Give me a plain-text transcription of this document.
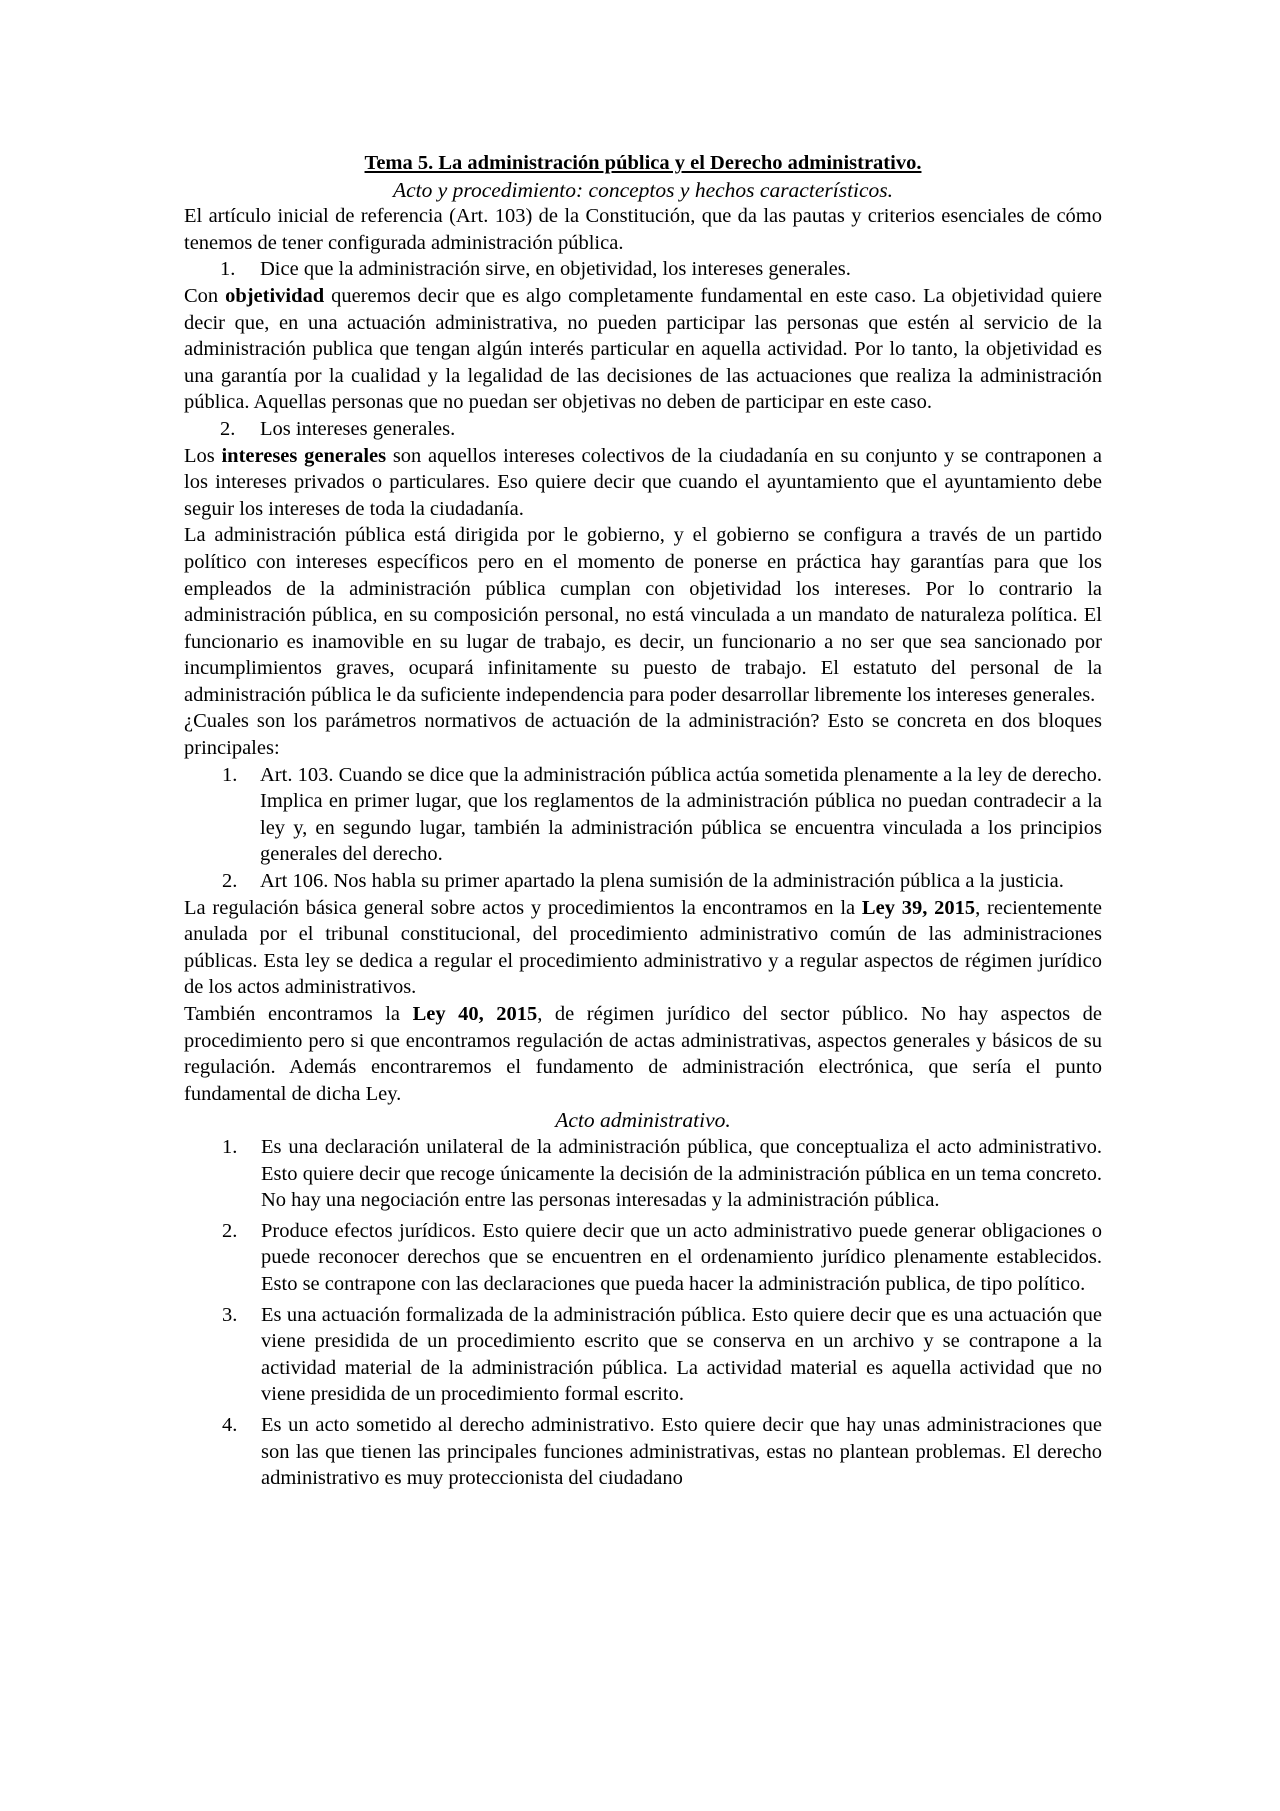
Tema 5. La administración pública y el Derecho administrativo.

Acto y procedimiento: conceptos y hechos característicos.

El artículo inicial de referencia (Art. 103) de la Constitución, que da las pautas y criterios esenciales de cómo tenemos de tener configurada administración pública.

1. Dice que la administración sirve, en objetividad, los intereses generales.

Con objetividad queremos decir que es algo completamente fundamental en este caso. La objetividad quiere decir que, en una actuación administrativa, no pueden participar las personas que estén al servicio de la administración publica que tengan algún interés particular en aquella actividad. Por lo tanto, la objetividad es una garantía por la cualidad y la legalidad de las decisiones de las actuaciones que realiza la administración pública. Aquellas personas que no puedan ser objetivas no deben de participar en este caso.

2. Los intereses generales.

Los intereses generales son aquellos intereses colectivos de la ciudadanía en su conjunto y se contraponen a los intereses privados o particulares. Eso quiere decir que cuando el ayuntamiento que el ayuntamiento debe seguir los intereses de toda la ciudadanía.

La administración pública está dirigida por le gobierno, y el gobierno se configura a través de un partido político con intereses específicos pero en el momento de ponerse en práctica hay garantías para que los empleados de la administración pública cumplan con objetividad los intereses. Por lo contrario la administración pública, en su composición personal, no está vinculada a un mandato de naturaleza política. El funcionario es inamovible en su lugar de trabajo, es decir, un funcionario a no ser que sea sancionado por incumplimientos graves, ocupará infinitamente su puesto de trabajo. El estatuto del personal de la administración pública le da suficiente independencia para poder desarrollar libremente los intereses generales.

¿Cuales son los parámetros normativos de actuación de la administración? Esto se concreta en dos bloques principales:

1. Art. 103. Cuando se dice que la administración pública actúa sometida plenamente a la ley de derecho. Implica en primer lugar, que los reglamentos de la administración pública no puedan contradecir a la ley y, en segundo lugar, también la administración pública se encuentra vinculada a los principios generales del derecho.
2. Art 106. Nos habla su primer apartado la plena sumisión de la administración pública a la justicia.

La regulación básica general sobre actos y procedimientos la encontramos en la Ley 39, 2015, recientemente anulada por el tribunal constitucional, del procedimiento administrativo común de las administraciones públicas. Esta ley se dedica a regular el procedimiento administrativo y a regular aspectos de régimen jurídico de los actos administrativos.

También encontramos la Ley 40, 2015, de régimen jurídico del sector público. No hay aspectos de procedimiento pero si que encontramos regulación de actas administrativas, aspectos generales y básicos de su regulación. Además encontraremos el fundamento de administración electrónica, que sería el punto fundamental de dicha Ley.

Acto administrativo.

1. Es una declaración unilateral de la administración pública, que conceptualiza el acto administrativo. Esto quiere decir que recoge únicamente la decisión de la administración pública en un tema concreto. No hay una negociación entre las personas interesadas y la administración pública.
2. Produce efectos jurídicos. Esto quiere decir que un acto administrativo puede generar obligaciones o puede reconocer derechos que se encuentren en el ordenamiento jurídico plenamente establecidos. Esto se contrapone con las declaraciones que pueda hacer la administración publica, de tipo político.
3. Es una actuación formalizada de la administración pública. Esto quiere decir que es una actuación que viene presidida de un procedimiento escrito que se conserva en un archivo y se contrapone a la actividad material de la administración pública. La actividad material es aquella actividad que no viene presidida de un procedimiento formal escrito.
4. Es un acto sometido al derecho administrativo. Esto quiere decir que hay unas administraciones que son las que tienen las principales funciones administrativas, estas no plantean problemas. El derecho administrativo es muy proteccionista del ciudadano
